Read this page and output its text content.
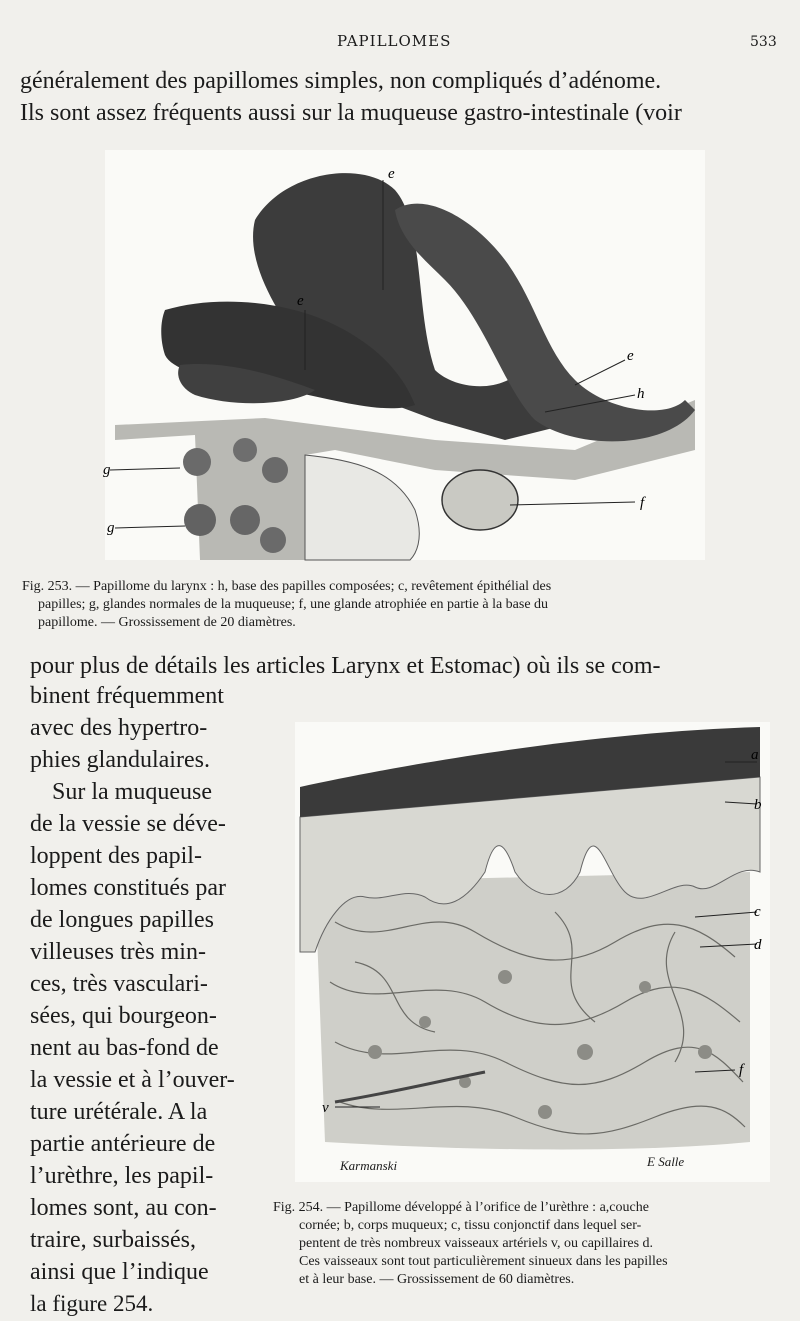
PAPILLOMES	533
généralement des papillomes simples, non compliqués d’adénome.
Ils sont assez fréquents aussi sur la muqueuse gastro-intestinale (voir
e
e
e
h
g
g
f
Fig. 253. — Papillome du larynx : h, base des papilles composées; c, revêtement épithélial des
papilles; g, glandes normales de la muqueuse; f, une glande atrophiée en partie à la base du
papillome. — Grossissement de 20 diamètres.
pour plus de détails les articles Larynx et Estomac) où ils se com-
binent fréquemment
avec des hypertro-
phies glandulaires.
Sur la muqueuse
de la vessie se déve-
loppent des papil-
lomes constitués par
de longues papilles
villeuses très min-
ces, très vasculari-
sées, qui bourgeon-
nent au bas-fond de
la vessie et à l’ouver-
ture urétérale. A la
partie antérieure de
l’urèthre, les papil-
lomes sont, au con-
traire, surbaissés,
ainsi que l’indique
la figure 254.
a
b
c
d
f
v
Karmanski	E Salle
Fig. 254. — Papillome développé à l’orifice de l’urèthre : a,couche
cornée; b, corps muqueux; c, tissu conjonctif dans lequel ser-
pentent de très nombreux vaisseaux artériels v, ou capillaires d.
Ces vaisseaux sont tout particulièrement sinueux dans les papilles
et à leur base. — Grossissement de 60 diamètres.
